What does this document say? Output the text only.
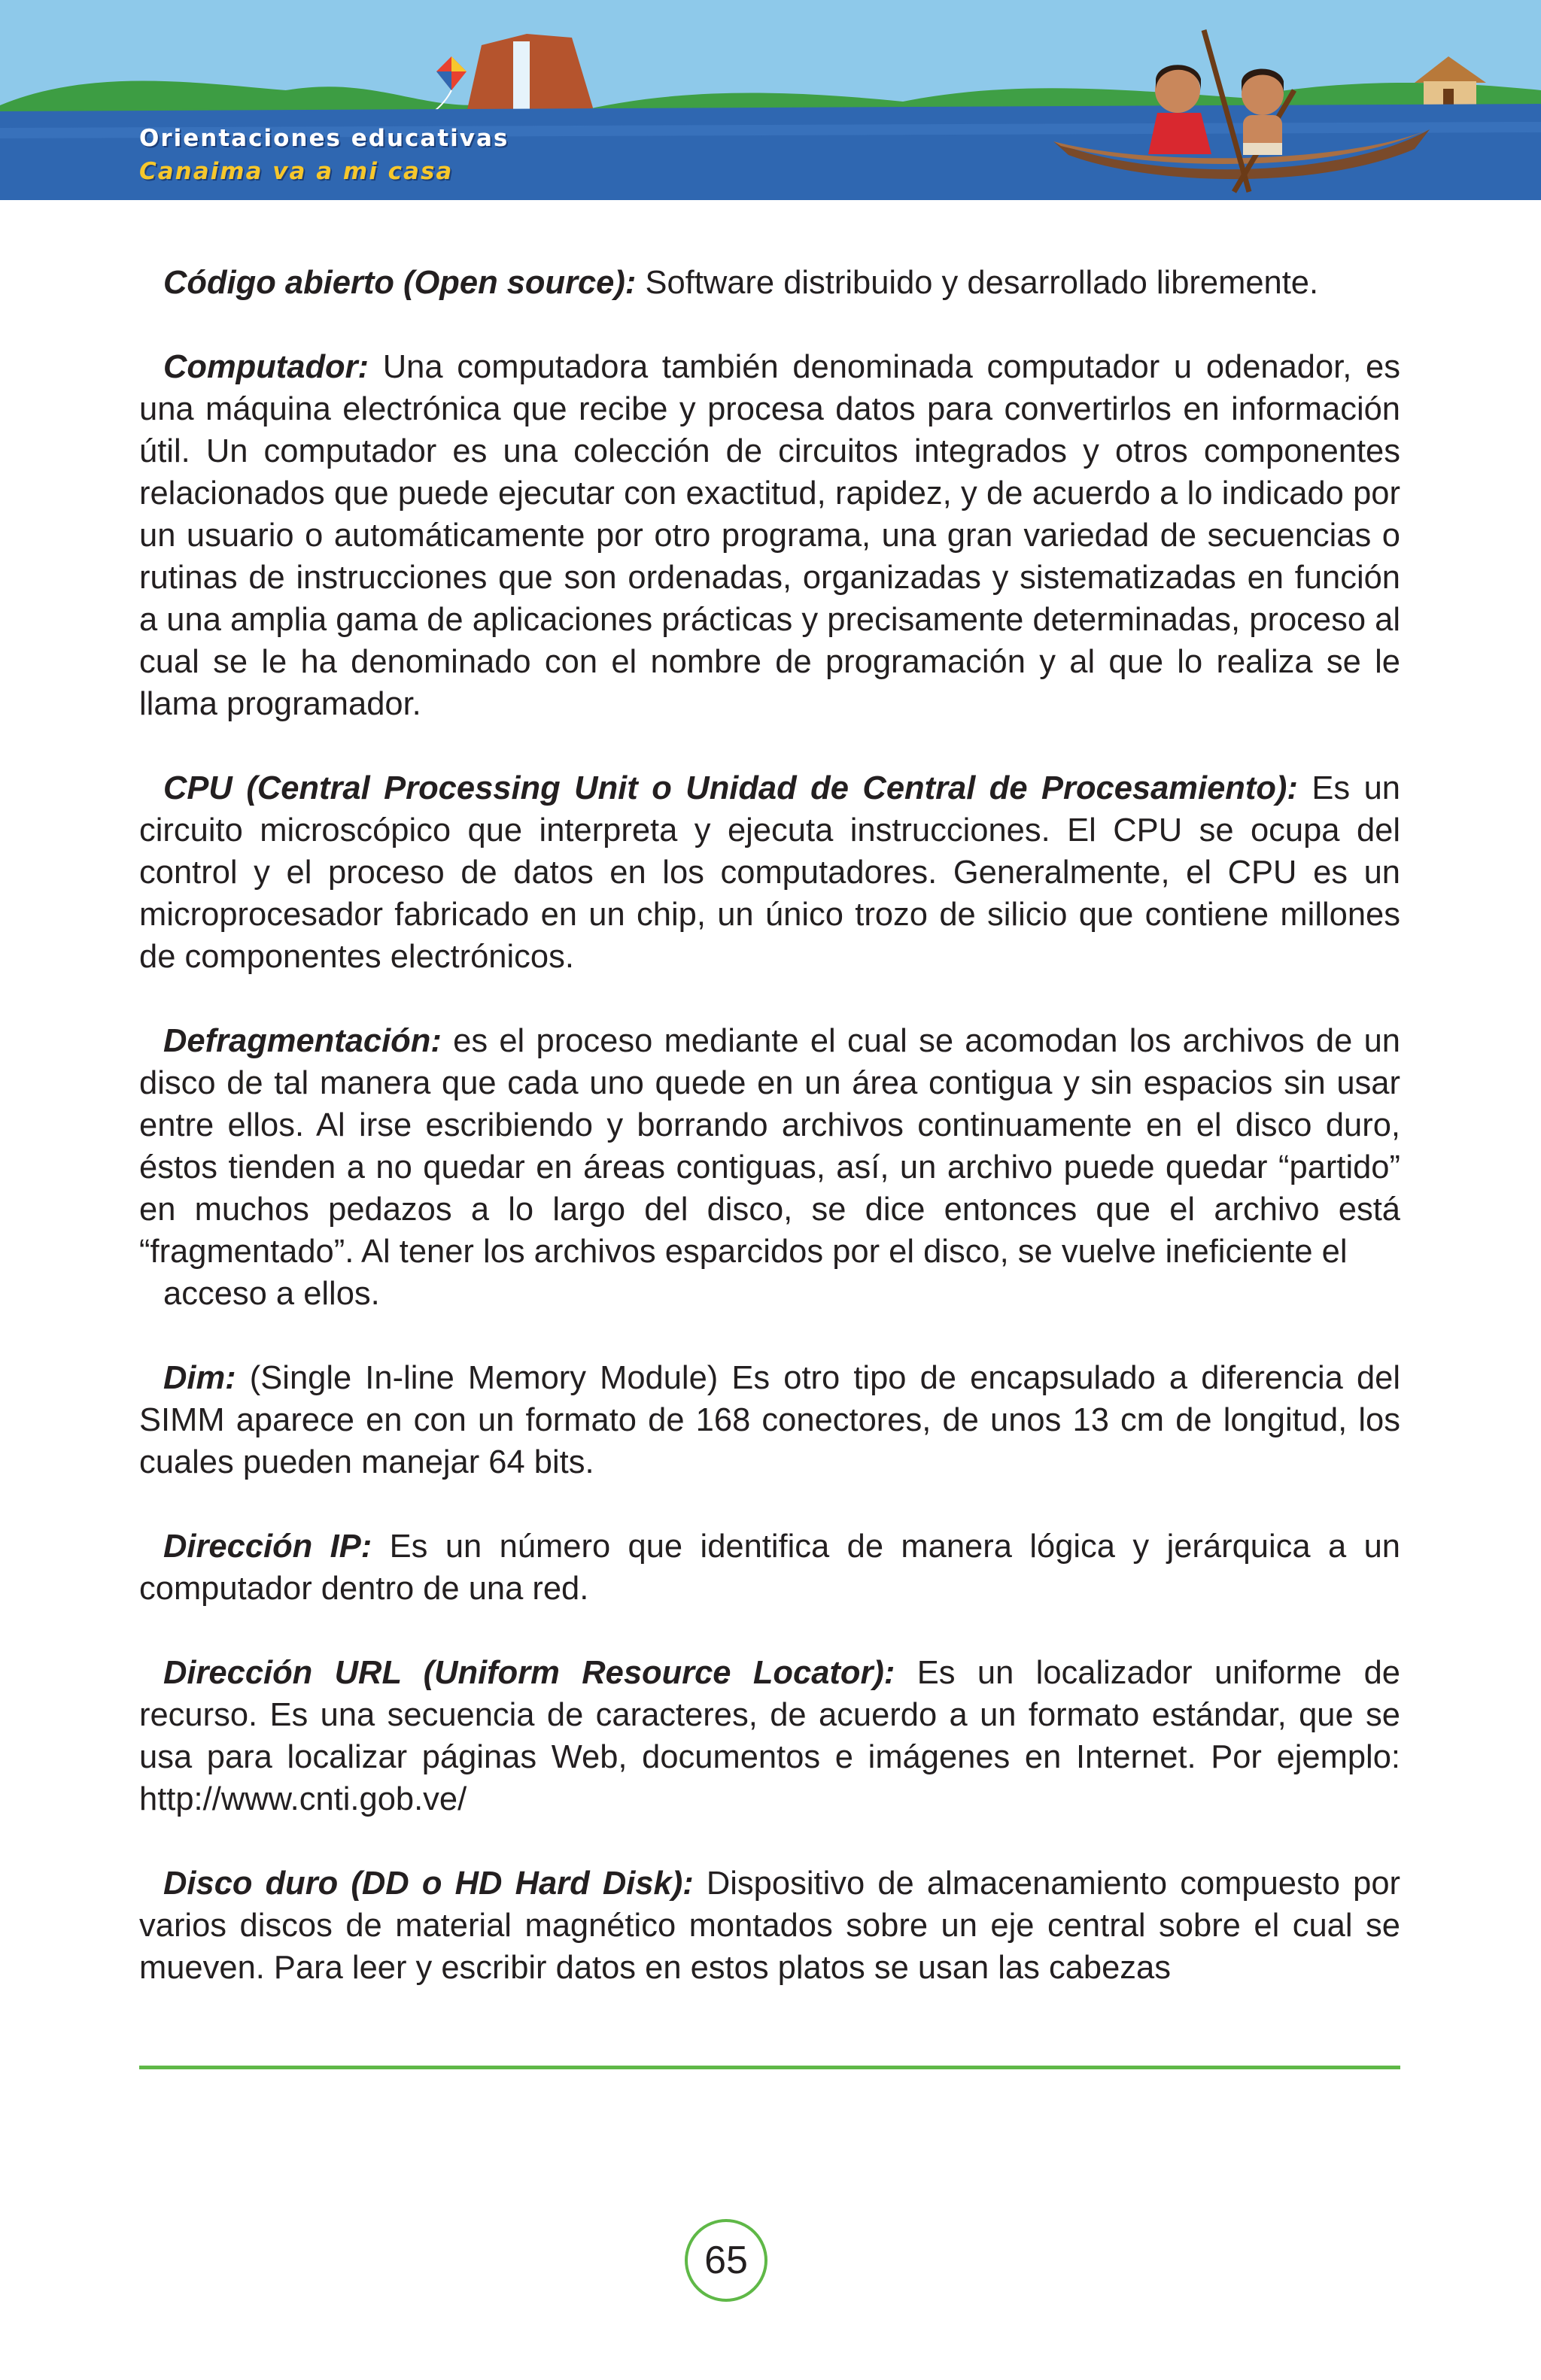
Orientaciones educativas
Canaima va a mi casa

Código abierto (Open source): Software distribuido y desarrollado libremente.

Computador: Una computadora también denominada computador u odenador, es una máquina electrónica que recibe y procesa datos para convertirlos en información útil. Un computador es una colección de circuitos integrados y otros componentes relacionados que puede ejecutar con exactitud, rapidez, y de acuerdo a lo indicado por un usuario o automáticamente por otro programa, una gran variedad de secuencias o rutinas de instrucciones que son ordenadas, organizadas y sistematizadas en función a una amplia gama de aplicaciones prácticas y precisamente determinadas, proceso al cual se le ha denominado con el nombre de programación y al que lo realiza se le llama programador.

CPU (Central Processing Unit o Unidad de Central de Procesamiento): Es un circuito microscópico que interpreta y ejecuta instrucciones. El CPU se ocupa del control y el proceso de datos en los computadores. Generalmente, el CPU es un microprocesador fabricado en un chip, un único trozo de silicio que contiene millones de componentes electrónicos.

Defragmentación: es el proceso mediante el cual se acomodan los archivos de un disco de tal manera que cada uno quede en un área contigua y sin espacios sin usar entre ellos. Al irse escribiendo y borrando archivos continuamente en el disco duro, éstos tienden a no quedar en áreas contiguas, así, un archivo puede quedar “partido” en muchos pedazos a lo largo del disco, se dice entonces que el archivo está “fragmentado”. Al tener los archivos esparcidos por el disco, se vuelve ineficiente el

acceso a ellos.

Dim: (Single In-line Memory Module) Es otro tipo de encapsulado a diferencia del SIMM aparece en con un formato de 168 conectores, de unos 13 cm de longitud, los cuales pueden manejar 64 bits.

Dirección IP: Es un número que identifica de manera lógica y jerárquica a un computador dentro de una red.

Dirección URL (Uniform Resource Locator): Es un localizador uniforme de recurso. Es una secuencia de caracteres, de acuerdo a un formato estándar, que se usa para localizar páginas Web, documentos e imágenes en Internet. Por ejemplo: http://www.cnti.gob.ve/

Disco duro (DD o HD Hard Disk): Dispositivo de almacenamiento compuesto por varios discos de material magnético montados sobre un eje central sobre el cual se mueven. Para leer y escribir datos en estos platos se usan las cabezas

65
